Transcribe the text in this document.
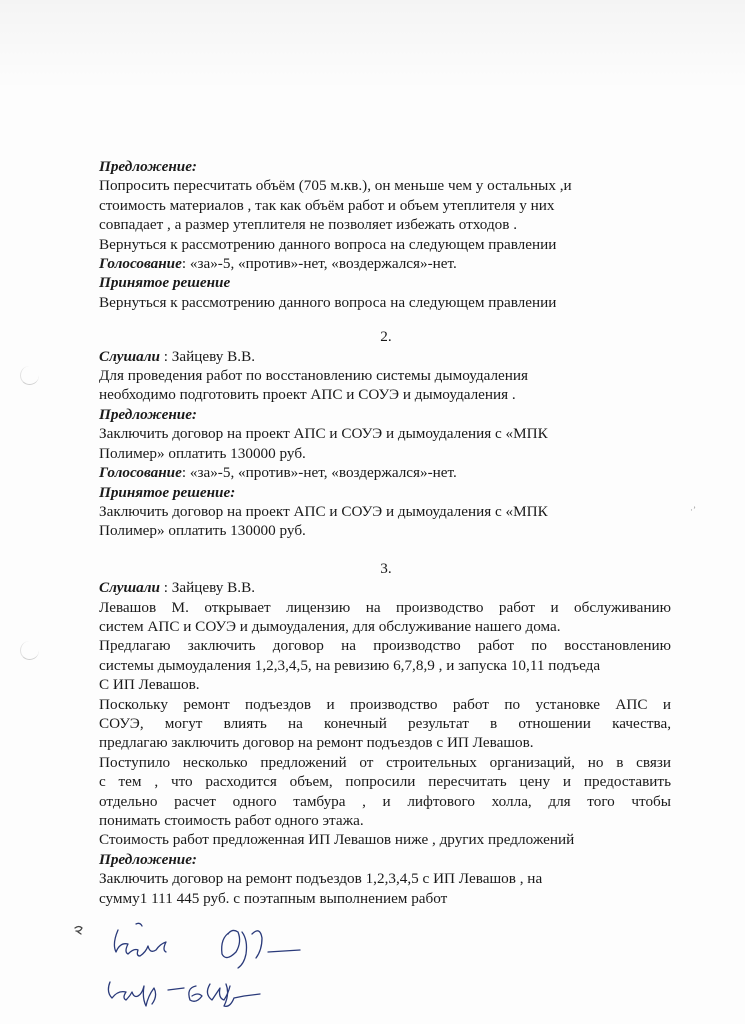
·’
Предложение:
Попросить пересчитать объём (705 м.кв.), он меньше чем у остальных ,и
стоимость материалов , так как объём работ и объем утеплителя у них
совпадает , а размер утеплителя не позволяет избежать отходов .
Вернуться к рассмотрению данного вопроса на следующем правлении
Голосование: «за»-5, «против»-нет, «воздержался»-нет.
Принятое решение
Вернуться к рассмотрению данного вопроса на следующем правлении
2.
Слушали : Зайцеву В.В.
Для проведения работ по восстановлению системы дымоудаления
необходимо подготовить проект АПС и СОУЭ и дымоудаления .
Предложение:
Заключить договор на проект АПС и СОУЭ и дымоудаления с «МПК
Полимер» оплатить 130000 руб.
Голосование: «за»-5, «против»-нет, «воздержался»-нет.
Принятое решение:
Заключить договор на проект АПС и СОУЭ и дымоудаления с «МПК
Полимер» оплатить 130000 руб.
3.
Слушали : Зайцеву В.В.
Левашов М. открывает лицензию на производство работ и обслуживанию
систем АПС и СОУЭ и дымоудаления, для обслуживание нашего дома.
Предлагаю заключить договор на производство работ по восстановлению
системы дымоудаления 1,2,3,4,5, на ревизию 6,7,8,9 , и запуска 10,11 подъеда
С ИП Левашов.
Поскольку ремонт подъездов и производство работ по установке АПС и
СОУЭ, могут влиять на конечный результат в отношении качества,
предлагаю заключить договор на ремонт подъездов с ИП Левашов.
Поступило несколько предложений от строительных организаций, но в связи
с тем , что расходится объем, попросили пересчитать цену и предоставить
отдельно расчет одного тамбура , и лифтового холла, для того чтобы
понимать стоимость работ одного этажа.
Стоимость работ предложенная ИП Левашов ниже , других предложений
Предложение:
Заключить договор на ремонт подъездов 1,2,3,4,5 с ИП Левашов , на
сумму1 111 445 руб. с поэтапным выполнением работ
